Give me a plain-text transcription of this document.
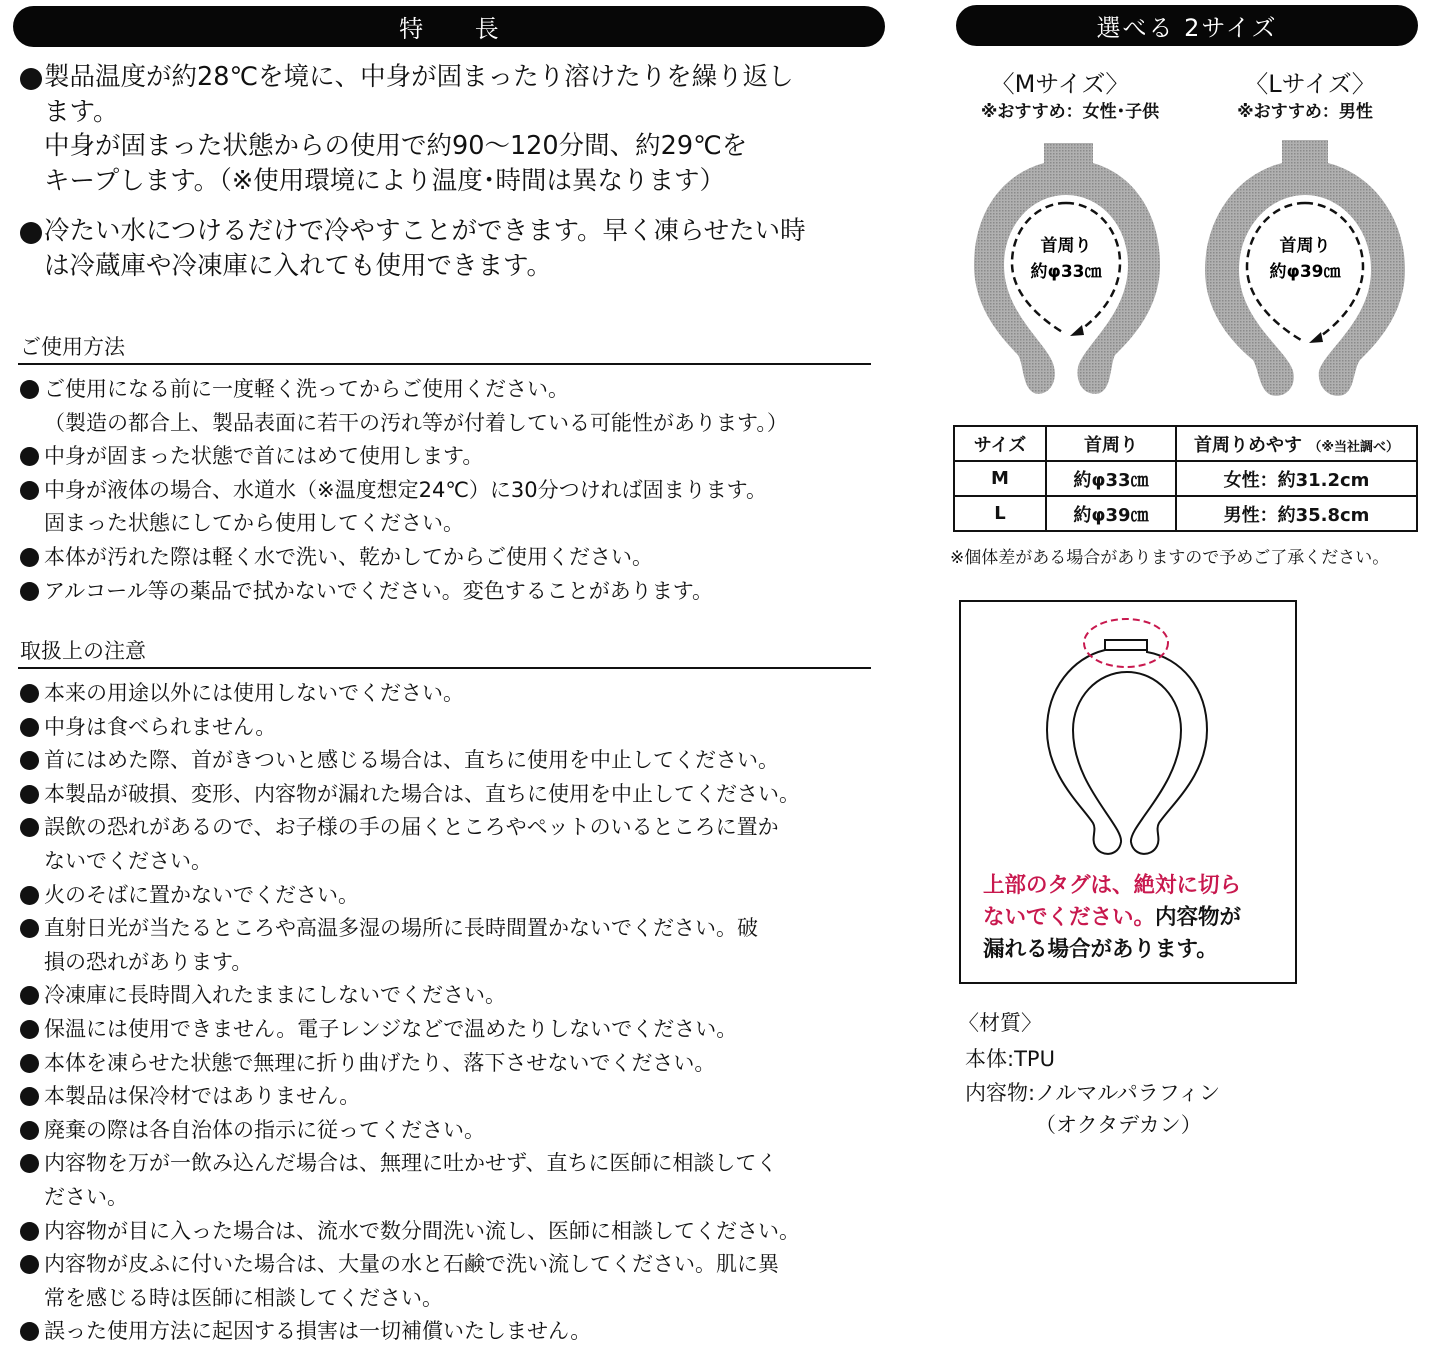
特 長
製品温度が約28℃を境に、中身が固まったり溶けたりを繰り返し
ます。
中身が固まった状態からの使用で約90〜120分間、約29℃を
キープします。（※使用環境により温度･時間は異なります）
冷たい水につけるだけで冷やすことができます。早く凍らせたい時
は冷蔵庫や冷凍庫に入れても使用できます。
ご使用方法
ご使用になる前に一度軽く洗ってからご使用ください。
（製造の都合上、製品表面に若干の汚れ等が付着している可能性があります。）
中身が固まった状態で首にはめて使用します。
中身が液体の場合、水道水（※温度想定24℃）に30分つければ固まります。
固まった状態にしてから使用してください。
本体が汚れた際は軽く水で洗い、乾かしてからご使用ください。
アルコール等の薬品で拭かないでください。変色することがあります。
取扱上の注意
本来の用途以外には使用しないでください。
中身は食べられません。
首にはめた際、首がきついと感じる場合は、直ちに使用を中止してください。
本製品が破損、変形、内容物が漏れた場合は、直ちに使用を中止してください。
誤飲の恐れがあるので、お子様の手の届くところやペットのいるところに置か
ないでください。
火のそばに置かないでください。
直射日光が当たるところや高温多湿の場所に長時間置かないでください。破
損の恐れがあります。
冷凍庫に長時間入れたままにしないでください。
保温には使用できません。電子レンジなどで温めたりしないでください。
本体を凍らせた状態で無理に折り曲げたり、落下させないでください。
本製品は保冷材ではありません。
廃棄の際は各自治体の指示に従ってください。
内容物を万が一飲み込んだ場合は、無理に吐かせず、直ちに医師に相談してく
ださい。
内容物が目に入った場合は、流水で数分間洗い流し、医師に相談してください。
内容物が皮ふに付いた場合は、大量の水と石鹸で洗い流してください。肌に異
常を感じる時は医師に相談してください。
誤った使用方法に起因する損害は一切補償いたしません。
選べる 2サイズ
〈Mサイズ〉
※おすすめ：女性･子供
〈Lサイズ〉
※おすすめ：男性
首周り
約φ33㎝
首周り
約φ39㎝
サイズ	首周り	首周りめやす （※当社調べ）
M	約φ33㎝	女性：約31.2cm
L	約φ39㎝	男性：約35.8cm
※個体差がある場合がありますので予めご了承ください。
上部のタグは、絶対に切ら
ないでください。内容物が
漏れる場合があります。
〈材質〉
本体:TPU
内容物:ノルマルパラフィン
（オクタデカン）
